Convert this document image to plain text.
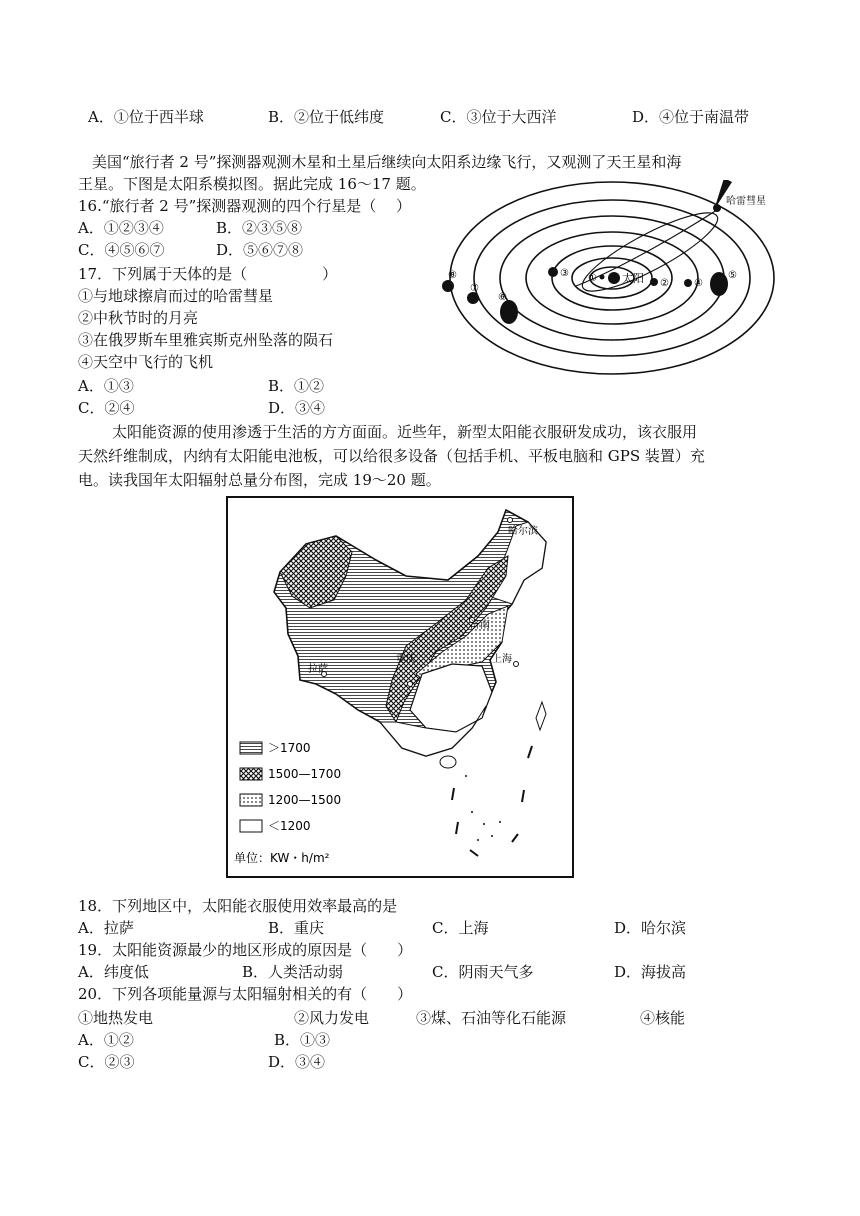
A．①位于西半球	B．②位于低纬度	C．③位于大西洋	D．④位于南温带
美国“旅行者 2 号”探测器观测木星和土星后继续向太阳系边缘飞行，又观测了天王星和海
王星。下图是太阳系模拟图。据此完成 16～17 题。
16.“旅行者 2 号”探测器观测的四个行星是（　 ）
A．①②③④	B．②③⑤⑧
C．④⑤⑥⑦	D．⑤⑥⑦⑧
17．下列属于天体的是（　　　　　）
①与地球擦肩而过的哈雷彗星
②中秋节时的月亮
③在俄罗斯车里雅宾斯克州坠落的陨石
④天空中飞行的飞机
A．①③	B．①②
C．②④	D．③④
哈雷彗星
太阳
③ ①	②	④
⑤
⑥
⑦
⑧
太阳能资源的使用渗透于生活的方方面面。近些年，新型太阳能衣服研发成功，该衣服用
天然纤维制成，内纳有太阳能电池板，可以给很多设备（包括手机、平板电脑和 GPS 装置）充
电。读我国年太阳辐射总量分布图，完成 19～20 题。
哈尔滨
济南
上海
拉萨
重庆
＞1700
1500—1700
1200—1500
＜1200
单位：KW・h/m²
18．下列地区中，太阳能衣服使用效率最高的是
A．拉萨	B．重庆	C．上海	D．哈尔滨
19．太阳能资源最少的地区形成的原因是（　　）
A．纬度低	B．人类活动弱	C．阴雨天气多	D．海拔高
20．下列各项能量源与太阳辐射相关的有（　　）
①地热发电	②风力发电	③煤、石油等化石能源	④核能
A．①②	B．①③
C．②③	D．③④
